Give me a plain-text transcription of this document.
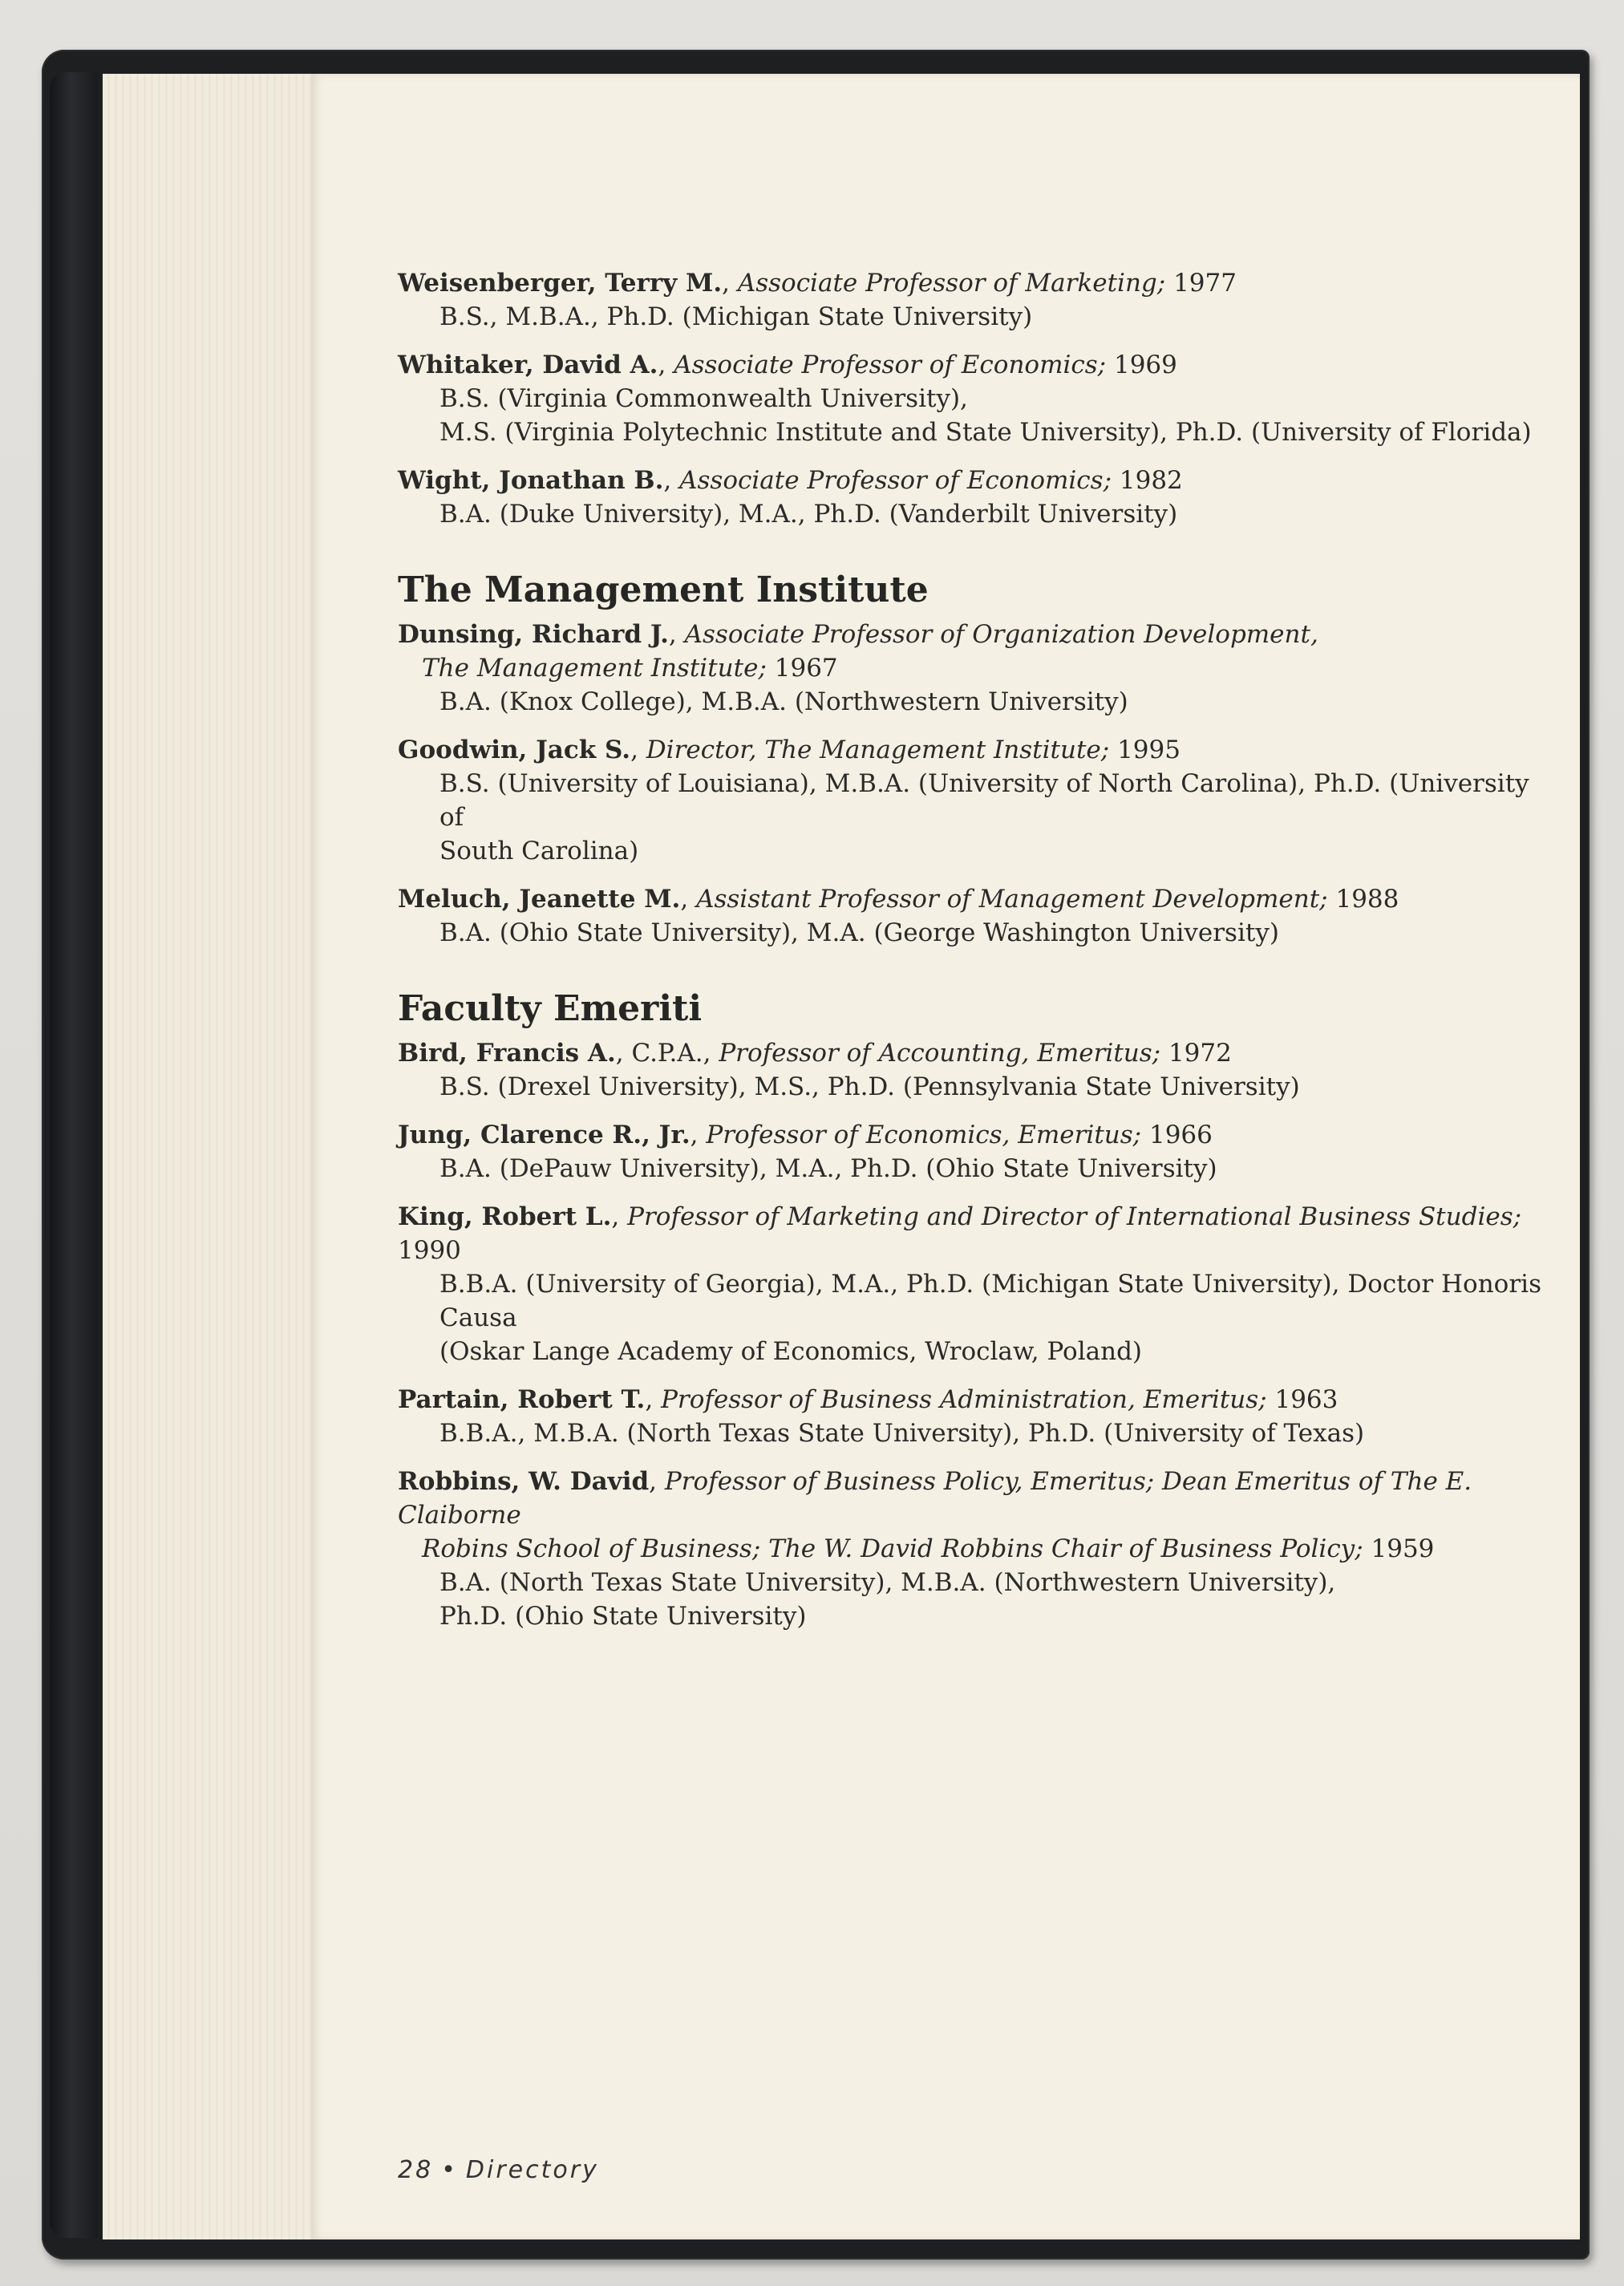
Weisenberger, Terry M., Associate Professor of Marketing; 1977
B.S., M.B.A., Ph.D. (Michigan State University)
Whitaker, David A., Associate Professor of Economics; 1969
B.S. (Virginia Commonwealth University),
M.S. (Virginia Polytechnic Institute and State University), Ph.D. (University of Florida)
Wight, Jonathan B., Associate Professor of Economics; 1982
B.A. (Duke University), M.A., Ph.D. (Vanderbilt University)
The Management Institute
Dunsing, Richard J., Associate Professor of Organization Development,
The Management Institute; 1967
B.A. (Knox College), M.B.A. (Northwestern University)
Goodwin, Jack S., Director, The Management Institute; 1995
B.S. (University of Louisiana), M.B.A. (University of North Carolina), Ph.D. (University of
South Carolina)
Meluch, Jeanette M., Assistant Professor of Management Development; 1988
B.A. (Ohio State University), M.A. (George Washington University)
Faculty Emeriti
Bird, Francis A., C.P.A., Professor of Accounting, Emeritus; 1972
B.S. (Drexel University), M.S., Ph.D. (Pennsylvania State University)
Jung, Clarence R., Jr., Professor of Economics, Emeritus; 1966
B.A. (DePauw University), M.A., Ph.D. (Ohio State University)
King, Robert L., Professor of Marketing and Director of International Business Studies; 1990
B.B.A. (University of Georgia), M.A., Ph.D. (Michigan State University), Doctor Honoris Causa
(Oskar Lange Academy of Economics, Wroclaw, Poland)
Partain, Robert T., Professor of Business Administration, Emeritus; 1963
B.B.A., M.B.A. (North Texas State University), Ph.D. (University of Texas)
Robbins, W. David, Professor of Business Policy, Emeritus; Dean Emeritus of The E. Claiborne
Robins School of Business; The W. David Robbins Chair of Business Policy; 1959
B.A. (North Texas State University), M.B.A. (Northwestern University),
Ph.D. (Ohio State University)
28 • Directory
